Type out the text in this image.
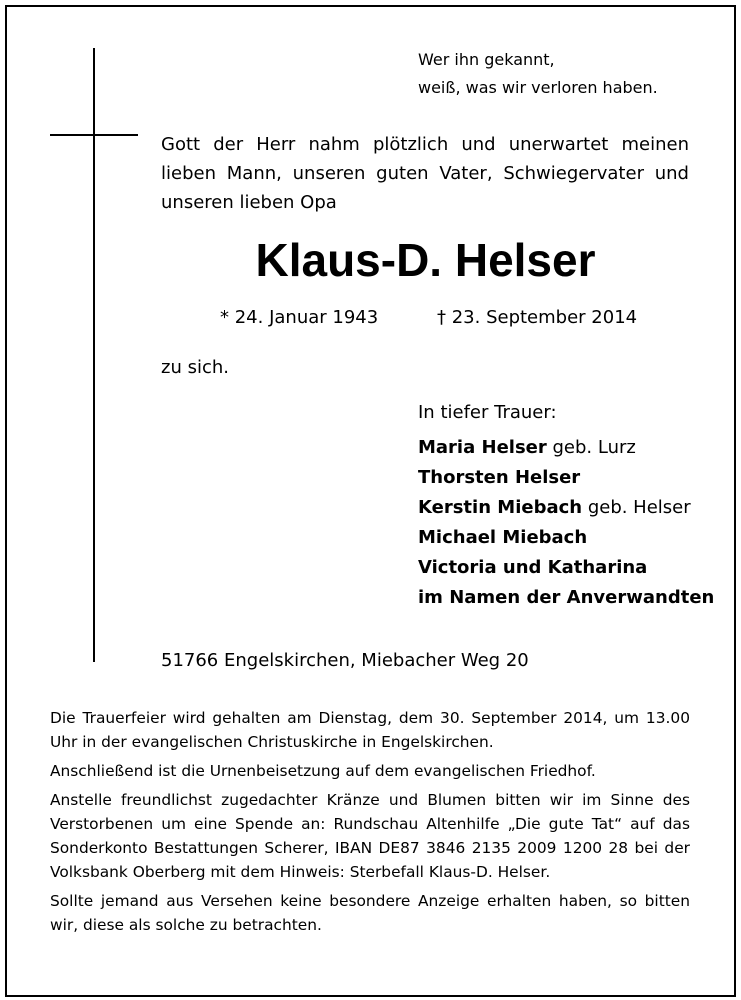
Wer ihn gekannt,
weiß, was wir verloren haben.

Gott der Herr nahm plötzlich und unerwartet meinen lieben Mann, unseren guten Vater, Schwiegervater und unseren lieben Opa

Klaus-D. Helser
* 24. Januar 1943	† 23. September 2014
zu sich.
In tiefer Trauer:
Maria Helser geb. Lurz
Thorsten Helser
Kerstin Miebach geb. Helser
Michael Miebach
Victoria und Katharina
im Namen der Anverwandten
51766 Engelskirchen, Miebacher Weg 20

Die Trauerfeier wird gehalten am Dienstag, dem 30. September 2014, um 13.00 Uhr in der evangelischen Christuskirche in Engelskirchen.

Anschließend ist die Urnenbeisetzung auf dem evangelischen Friedhof.

Anstelle freundlichst zugedachter Kränze und Blumen bitten wir im Sinne des Verstorbenen um eine Spende an: Rundschau Altenhilfe „Die gute Tat“ auf das Sonderkonto Bestattungen Scherer, IBAN DE87 3846 2135 2009 1200 28 bei der Volksbank Oberberg mit dem Hinweis: Sterbefall Klaus-D. Helser.

Sollte jemand aus Versehen keine besondere Anzeige erhalten haben, so bitten wir, diese als solche zu betrachten.
